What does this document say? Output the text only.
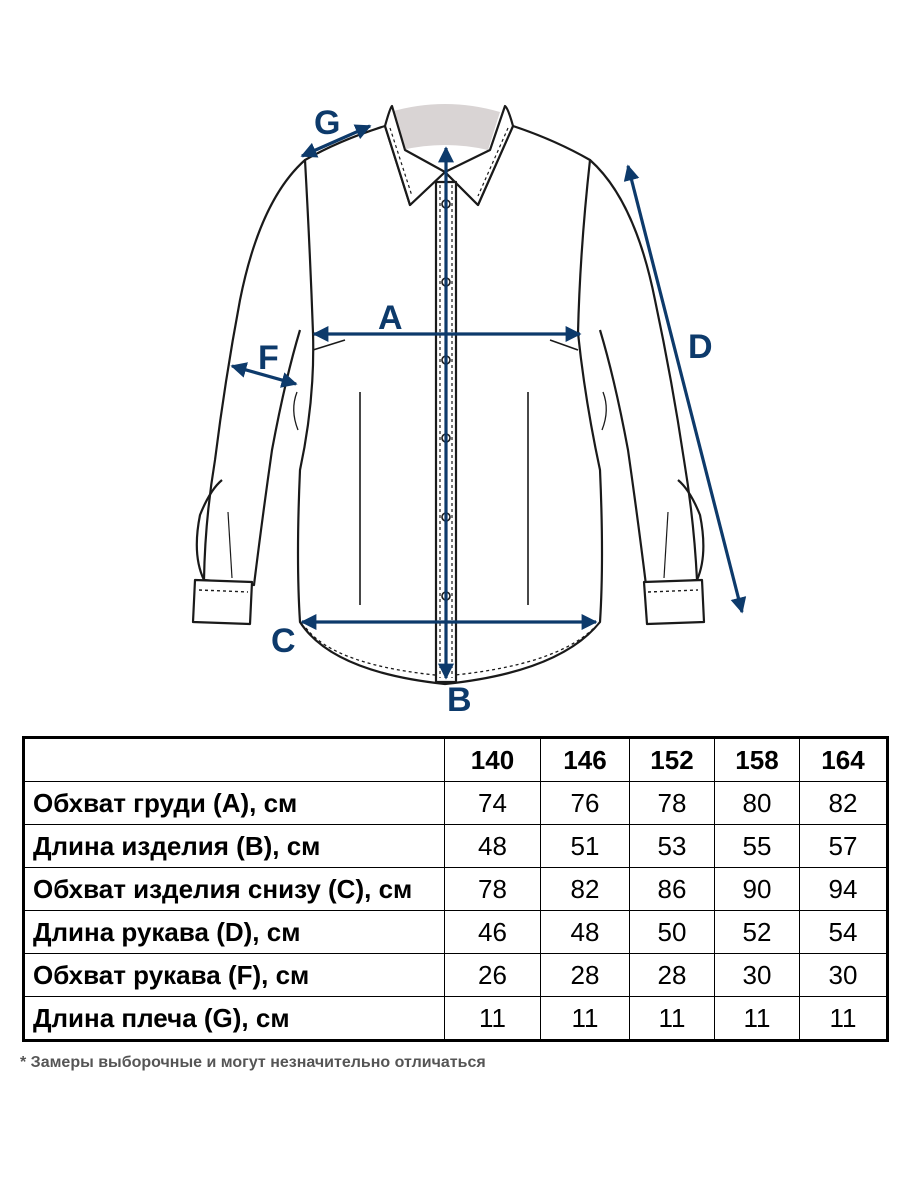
A
B
C
D
F
G
	140	146	152	158	164
Обхват груди (А), см	74	76	78	80	82
Длина изделия (В), см	48	51	53	55	57
Обхват изделия снизу (С), см	78	82	86	90	94
Длина рукава (D), см	46	48	50	52	54
Обхват рукава (F), см	26	28	28	30	30
Длина плеча (G), см	11	11	11	11	11
* Замеры выборочные и могут незначительно отличаться
